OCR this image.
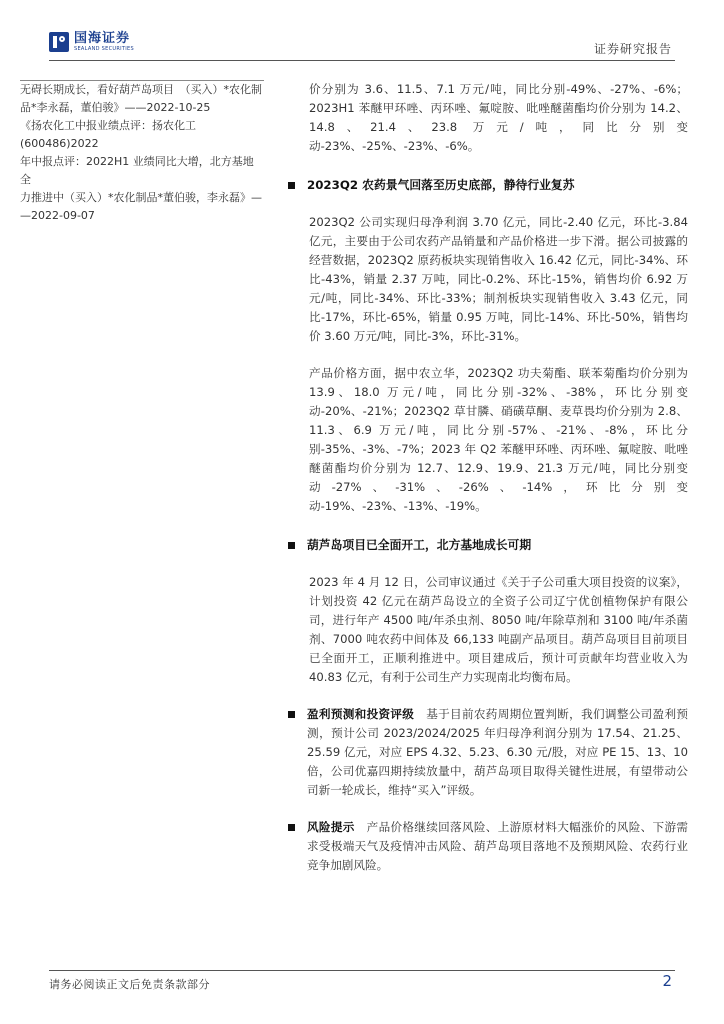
国海证券
SEALAND SECURITIES	证券研究报告

无碍长期成长，看好葫芦岛项目　（买入）*农化制

品*李永磊，董伯骏》——2022-10-25

《扬农化工中报业绩点评：扬农化工(600486)2022

年中报点评：2022H1 业绩同比大增，北方基地全

力推进中（买入）*农化制品*董伯骏，李永磊》—

—2022-09-07

价分别为 3.6、11.5、7.1 万元/吨，同比分别-49%、-27%、-6%；2023H1 苯醚甲环唑、丙环唑、氟啶胺、吡唑醚菌酯均价分别为 14.2、14.8、21.4、23.8 万元/吨，同比分别变动-23%、-25%、-23%、-6%。

2023Q2 农药景气回落至历史底部，静待行业复苏

2023Q2 公司实现归母净利润 3.70 亿元，同比-2.40 亿元，环比-3.84 亿元，主要由于公司农药产品销量和产品价格进一步下滑。据公司披露的经营数据，2023Q2 原药板块实现销售收入 16.42 亿元，同比-34%、环比-43%，销量 2.37 万吨，同比-0.2%、环比-15%，销售均价 6.92 万元/吨，同比-34%、环比-33%；制剂板块实现销售收入 3.43 亿元，同比-17%，环比-65%，销量 0.95 万吨，同比-14%、环比-50%，销售均价 3.60 万元/吨，同比-3%，环比-31%。

产品价格方面，据中农立华，2023Q2 功夫菊酯、联苯菊酯均价分别为 13.9、18.0 万元/吨，同比分别-32%、-38%，环比分别变动-20%、-21%；2023Q2 草甘膦、硝磺草酮、麦草畏均价分别为 2.8、11.3、6.9 万元/吨，同比分别-57%、-21%、-8%，环比分别-35%、-3%、-7%；2023 年 Q2 苯醚甲环唑、丙环唑、氟啶胺、吡唑醚菌酯均价分别为 12.7、12.9、19.9、21.3 万元/吨，同比分别变动-27%、-31%、-26%、-14%，环比分别变动-19%、-23%、-13%、-19%。

葫芦岛项目已全面开工，北方基地成长可期

2023 年 4 月 12 日，公司审议通过《关于子公司重大项目投资的议案》，计划投资 42 亿元在葫芦岛设立的全资子公司辽宁优创植物保护有限公司，进行年产 4500 吨/年杀虫剂、8050 吨/年除草剂和 3100 吨/年杀菌剂、7000 吨农药中间体及 66,133 吨副产品项目。葫芦岛项目目前项目已全面开工，正顺利推进中。项目建成后，预计可贡献年均营业收入为 40.83 亿元，有利于公司生产力实现南北均衡布局。

盈利预测和投资评级 基于目前农药周期位置判断，我们调整公司盈利预测，预计公司 2023/2024/2025 年归母净利润分别为 17.54、21.25、25.59 亿元，对应 EPS 4.32、5.23、6.30 元/股，对应 PE 15、13、10 倍，公司优嘉四期持续放量中，葫芦岛项目取得关键性进展，有望带动公司新一轮成长，维持“买入”评级。
风险提示 产品价格继续回落风险、上游原材料大幅涨价的风险、下游需求受极端天气及疫情冲击风险、葫芦岛项目落地不及预期风险、农药行业竞争加剧风险。
请务必阅读正文后免责条款部分	2
